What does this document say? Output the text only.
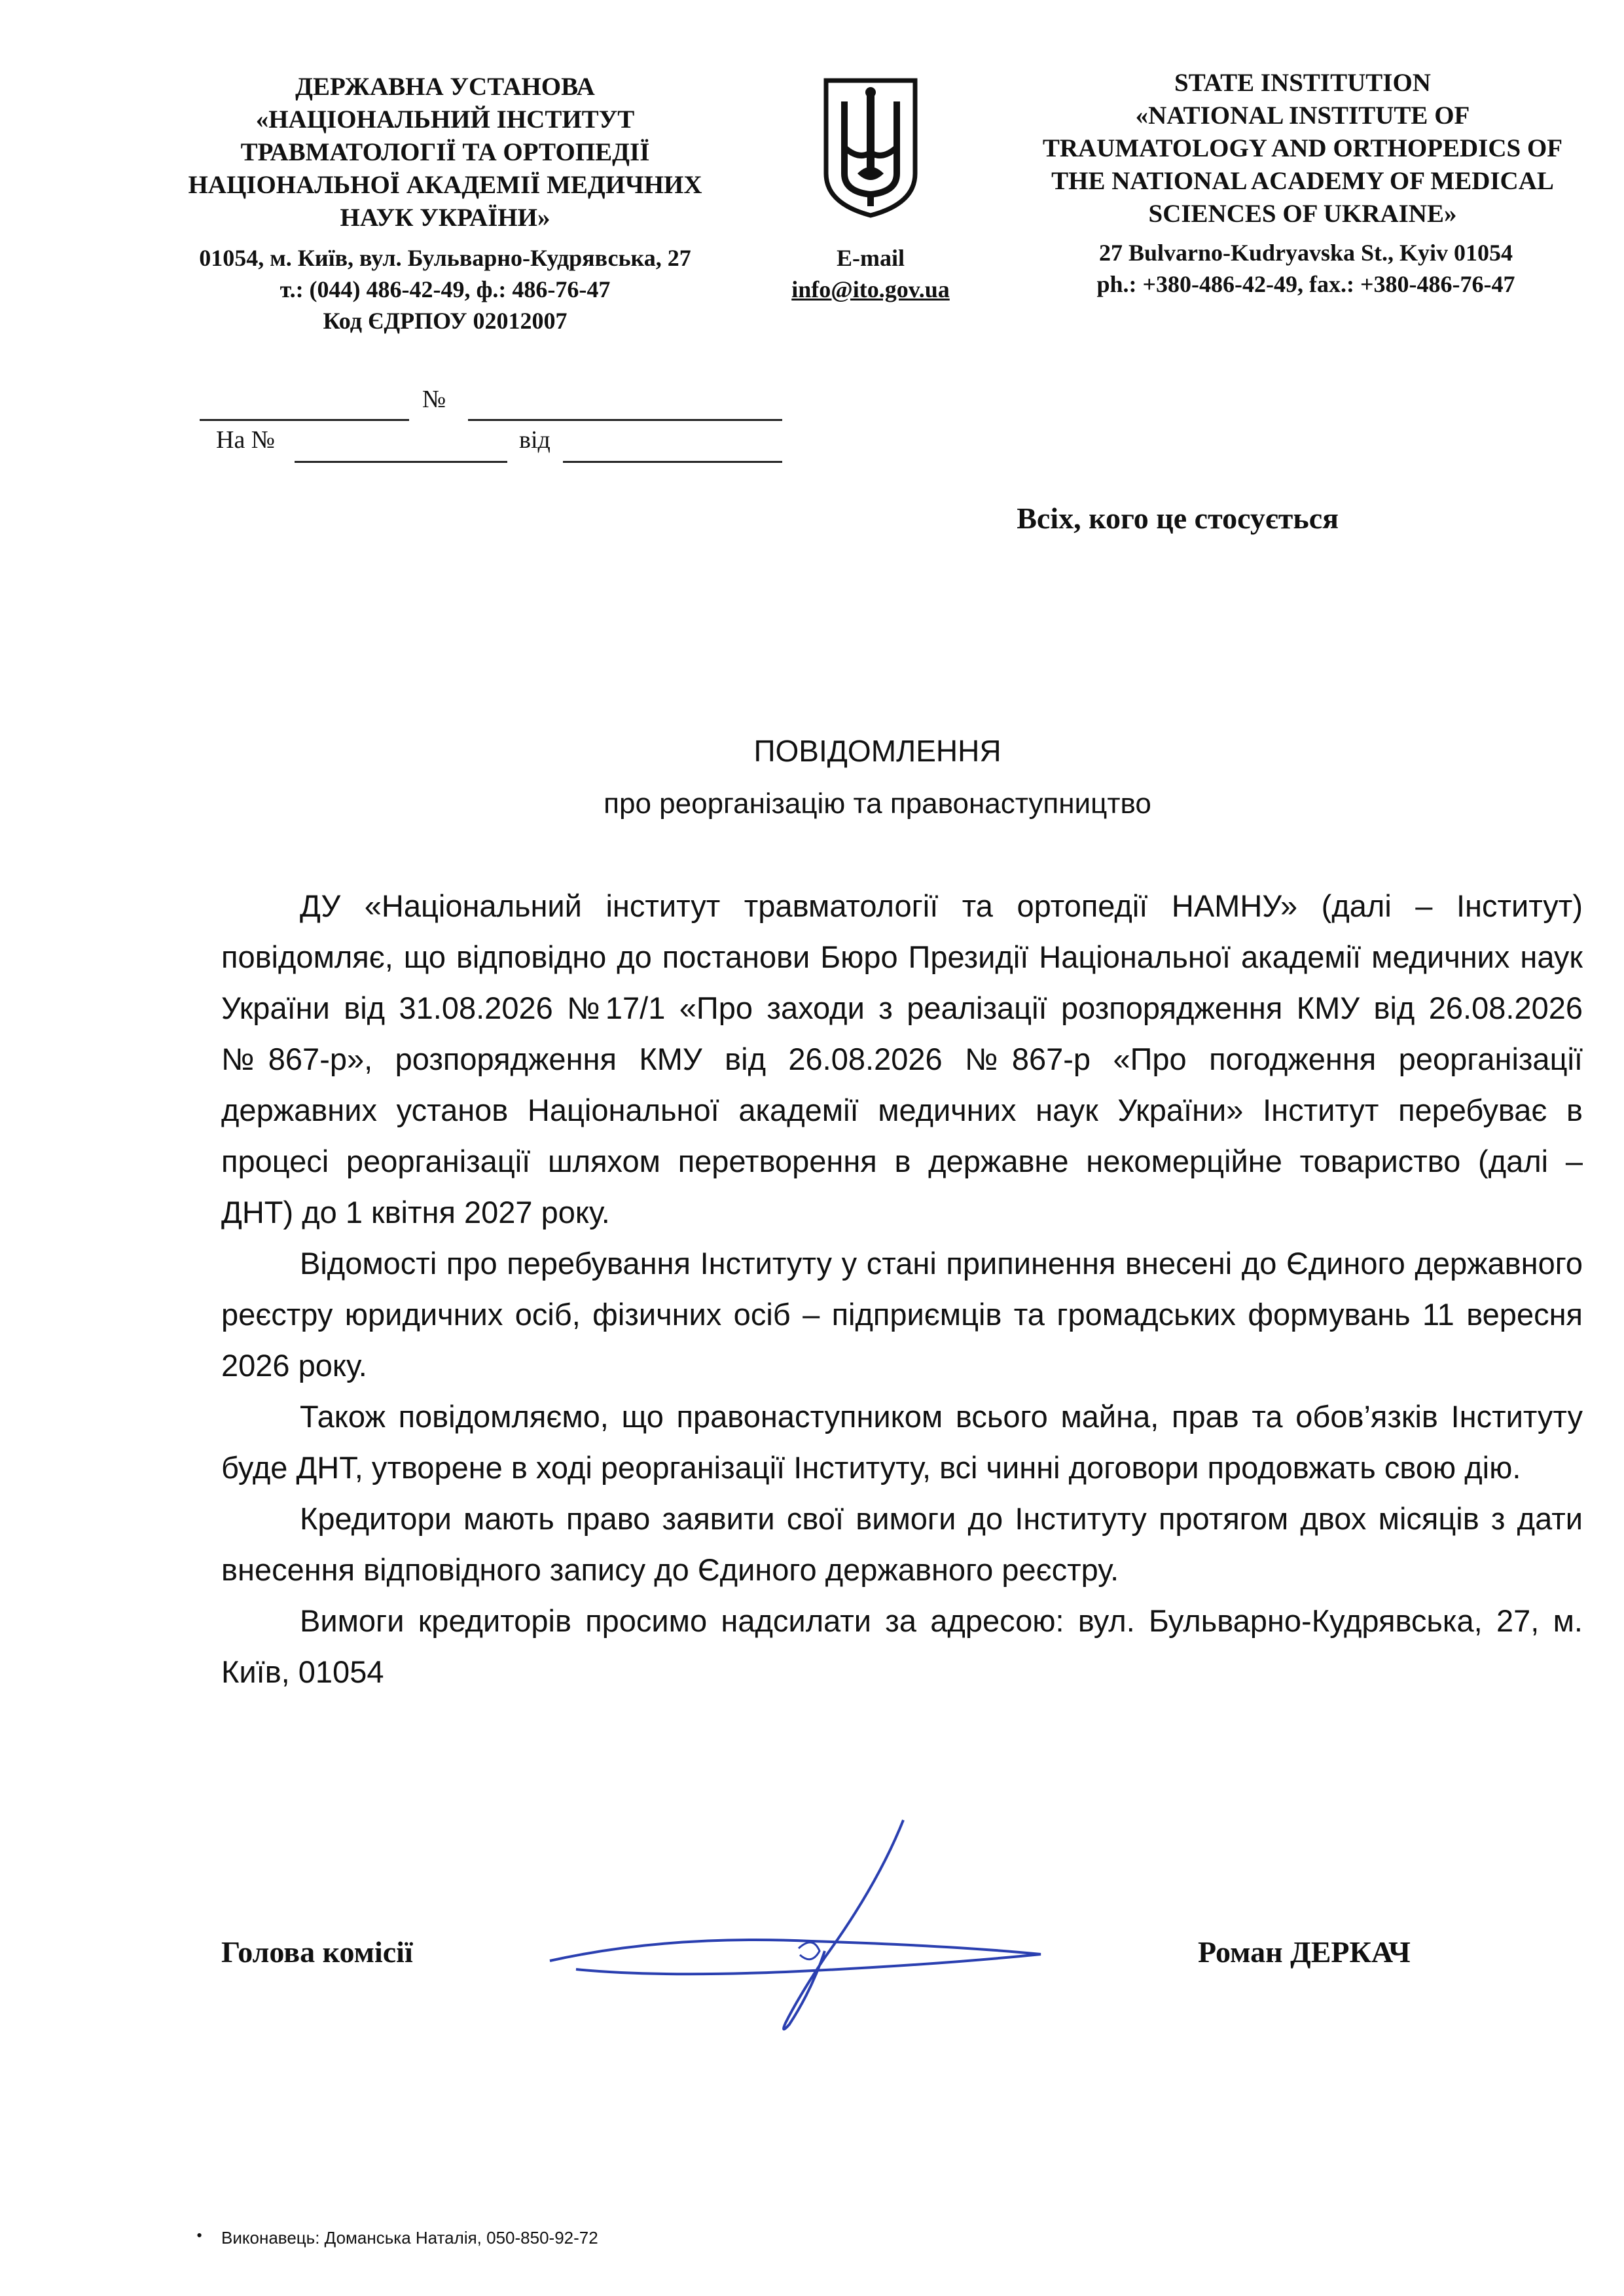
ДЕРЖАВНА УСТАНОВА
«НАЦІОНАЛЬНИЙ ІНСТИТУТ
ТРАВМАТОЛОГІЇ ТА ОРТОПЕДІЇ
НАЦІОНАЛЬНОЇ АКАДЕМІЇ МЕДИЧНИХ
НАУК УКРАЇНИ»
STATE INSTITUTION
«NATIONAL INSTITUTE OF
TRAUMATOLOGY AND ORTHOPEDICS OF
THE NATIONAL ACADEMY OF MEDICAL
SCIENCES OF UKRAINE»
01054, м. Київ, вул. Бульварно-Кудрявська, 27
т.: (044) 486-42-49, ф.: 486-76-47
Код ЄДРПОУ 02012007
E-mail
info@ito.gov.ua
27 Bulvarno-Kudryavska St., Kyiv 01054
ph.: +380-486-42-49, fax.: +380-486-76-47
№
На №	від
Всіх, кого це стосується
ПОВІДОМЛЕННЯ
про реорганізацію та правонаступництво

ДУ «Національний інститут травматології та ортопедії НАМНУ» (далі – Інститут) повідомляє, що відповідно до постанови Бюро Президії Національної академії медичних наук України від 31.08.2026 №17/1 «Про заходи з реалізації розпорядження КМУ від 26.08.2026 №867-р», розпорядження КМУ від 26.08.2026 №867-р «Про погодження реорганізації державних установ Національної академії медичних наук України» Інститут перебуває в процесі реорганізації шляхом перетворення в державне некомерційне товариство (далі – ДНТ) до 1 квітня 2027 року.

Відомості про перебування Інституту у стані припинення внесені до Єдиного державного реєстру юридичних осіб, фізичних осіб – підприємців та громадських формувань 11 вересня 2026 року.

Також повідомляємо, що правонаступником всього майна, прав та обов’язків Інституту буде ДНТ, утворене в ході реорганізації Інституту, всі чинні договори продовжать свою дію.

Кредитори мають право заявити свої вимоги до Інституту протягом двох місяців з дати внесення відповідного запису до Єдиного державного реєстру.

Вимоги кредиторів просимо надсилати за адресою: вул. Бульварно-Кудрявська, 27, м. Київ, 01054

Голова комісії	Роман ДЕРКАЧ
• Виконавець: Доманська Наталія, 050-850-92-72
